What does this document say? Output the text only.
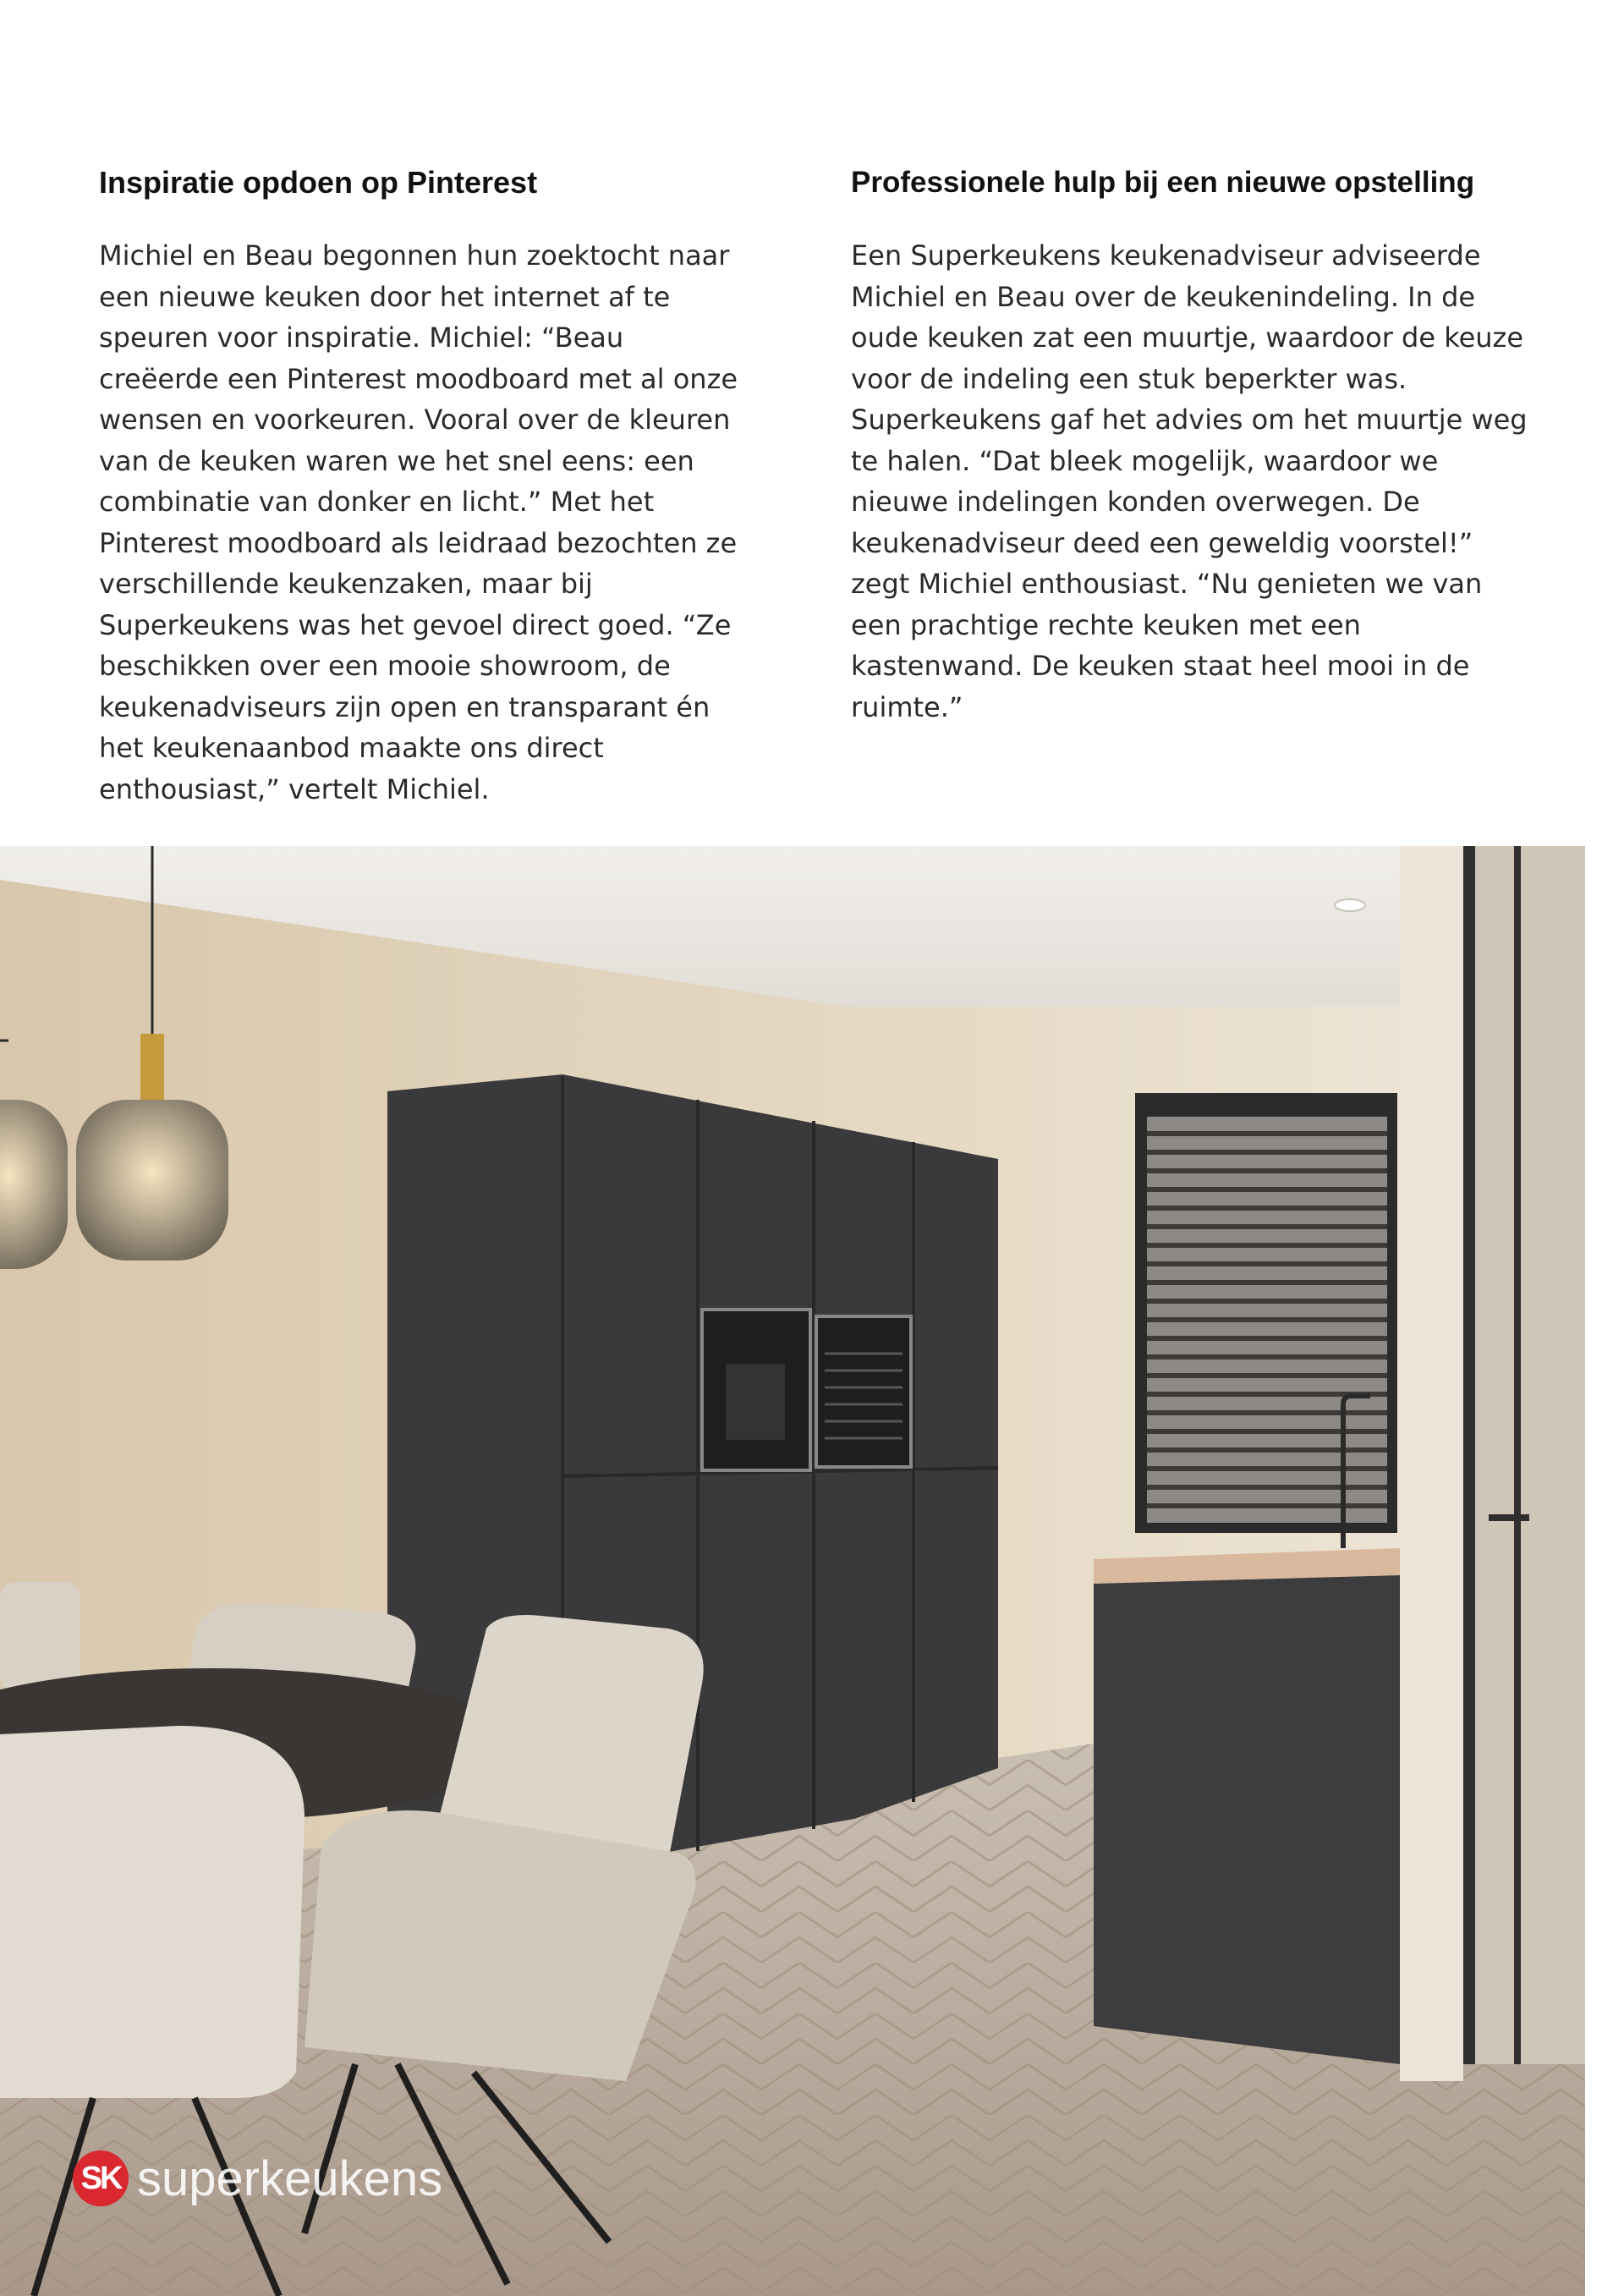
Inspiratie opdoen op Pinterest

Michiel en Beau begonnen hun zoektocht naar een nieuwe keuken door het internet af te speuren voor inspiratie. Michiel: “Beau creëerde een Pinterest moodboard met al onze wensen en voorkeuren. Vooral over de kleuren van de keuken waren we het snel eens: een combinatie van donker en licht.” Met het Pinterest moodboard als leidraad bezochten ze verschillende keukenzaken, maar bij Superkeukens was het gevoel direct goed. “Ze beschikken over een mooie showroom, de keukenadviseurs zijn open en transparant én het keukenaanbod maakte ons direct enthousiast,” vertelt Michiel.

Professionele hulp bij een nieuwe opstelling

Een Superkeukens keukenadviseur adviseerde Michiel en Beau over de keukenindeling. In de oude keuken zat een muurtje, waardoor de keuze voor de indeling een stuk beperkter was. Superkeukens gaf het advies om het muurtje weg te halen. “Dat bleek mogelijk, waardoor we nieuwe indelingen konden overwegen. De keukenadviseur deed een geweldig voorstel!” zegt Michiel enthousiast. “Nu genieten we van een prachtige rechte keuken met een kastenwand. De keuken staat heel mooi in de ruimte.”

SK superkeukens
